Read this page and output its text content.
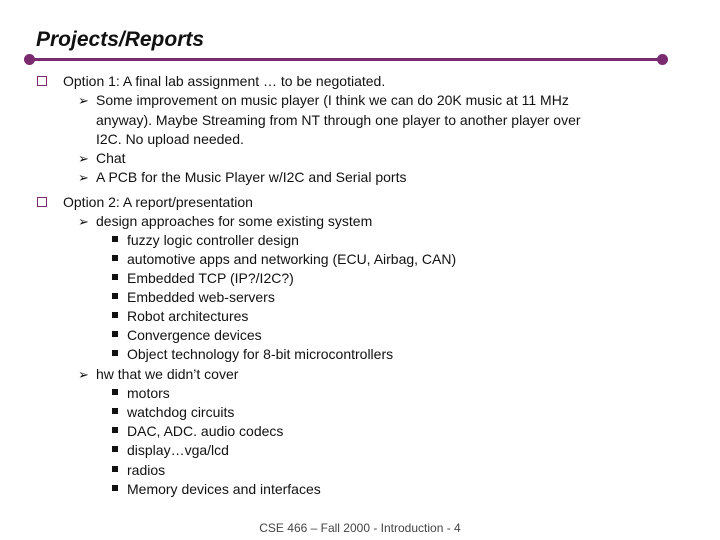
Projects/Reports
Option 1: A final lab assignment … to be negotiated.
➢ Some improvement on music player (I think we can do 20K music at 11 MHz
anyway). Maybe Streaming from NT through one player to another player over
I2C. No upload needed.
➢ Chat
➢ A PCB for the Music Player w/I2C and Serial ports
Option 2: A report/presentation
➢ design approaches for some existing system
fuzzy logic controller design
automotive apps and networking (ECU, Airbag, CAN)
Embedded TCP (IP?/I2C?)
Embedded web-servers
Robot architectures
Convergence devices
Object technology for 8-bit microcontrollers
➢ hw that we didn’t cover
motors
watchdog circuits
DAC, ADC. audio codecs
display…vga/lcd
radios
Memory devices and interfaces
CSE 466 – Fall 2000 - Introduction - 4
